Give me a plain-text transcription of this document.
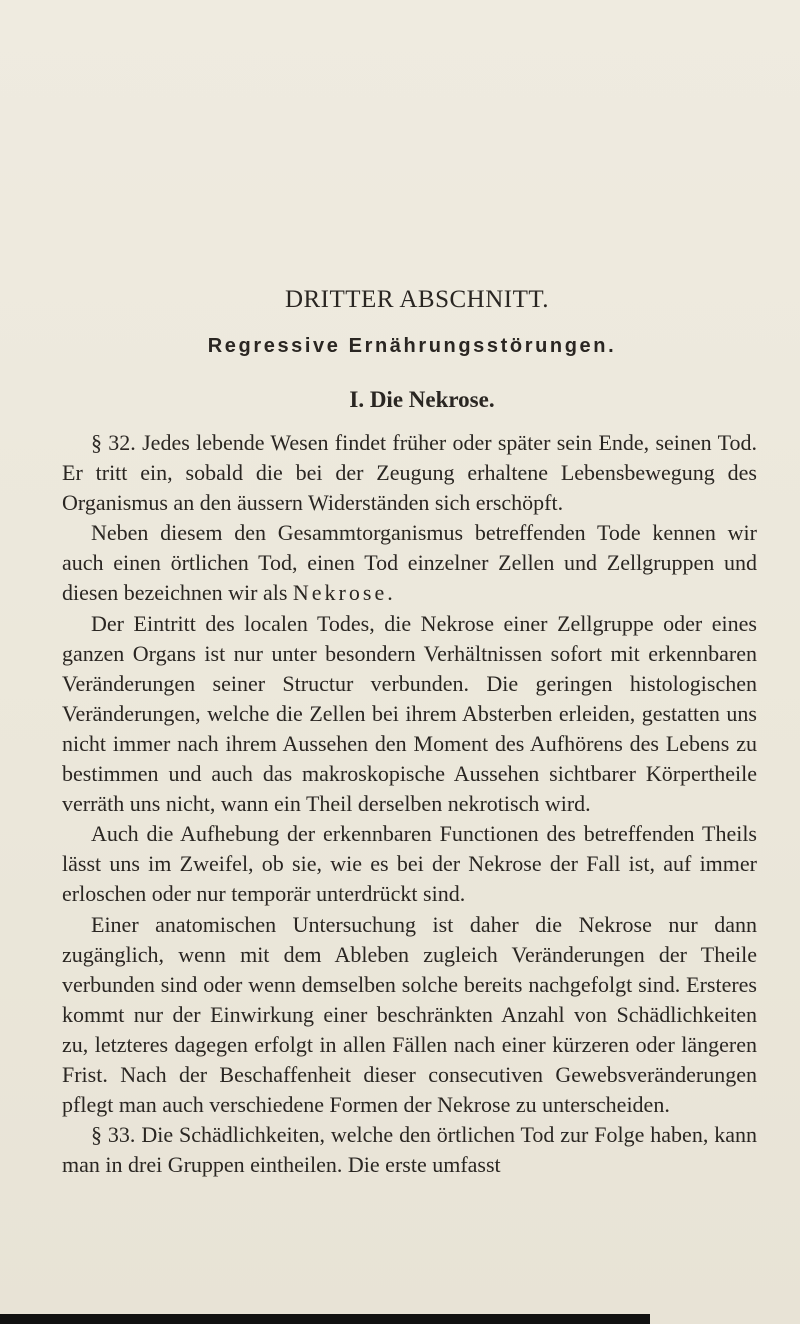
DRITTER ABSCHNITT.
Regressive Ernährungsstörungen.
I. Die Nekrose.

§ 32. Jedes lebende Wesen findet früher oder später sein Ende, seinen Tod. Er tritt ein, sobald die bei der Zeugung erhaltene Lebensbewegung des Organismus an den äussern Widerständen sich erschöpft.

Neben diesem den Gesammtorganismus betreffenden Tode kennen wir auch einen örtlichen Tod, einen Tod einzelner Zellen und Zellgruppen und diesen bezeichnen wir als Nekrose.

Der Eintritt des localen Todes, die Nekrose einer Zellgruppe oder eines ganzen Organs ist nur unter besondern Verhältnissen sofort mit erkennbaren Veränderungen seiner Structur verbunden. Die geringen histologischen Veränderungen, welche die Zellen bei ihrem Absterben erleiden, gestatten uns nicht immer nach ihrem Aussehen den Moment des Aufhörens des Lebens zu bestimmen und auch das makroskopische Aussehen sichtbarer Körpertheile verräth uns nicht, wann ein Theil derselben nekrotisch wird.

Auch die Aufhebung der erkennbaren Functionen des betreffenden Theils lässt uns im Zweifel, ob sie, wie es bei der Nekrose der Fall ist, auf immer erloschen oder nur temporär unterdrückt sind.

Einer anatomischen Untersuchung ist daher die Nekrose nur dann zugänglich, wenn mit dem Ableben zugleich Veränderungen der Theile verbunden sind oder wenn demselben solche bereits nachgefolgt sind. Ersteres kommt nur der Einwirkung einer beschränkten Anzahl von Schädlichkeiten zu, letzteres dagegen erfolgt in allen Fällen nach einer kürzeren oder längeren Frist. Nach der Beschaffenheit dieser consecutiven Gewebsveränderungen pflegt man auch verschiedene Formen der Nekrose zu unterscheiden.

§ 33. Die Schädlichkeiten, welche den örtlichen Tod zur Folge haben, kann man in drei Gruppen eintheilen. Die erste umfasst
